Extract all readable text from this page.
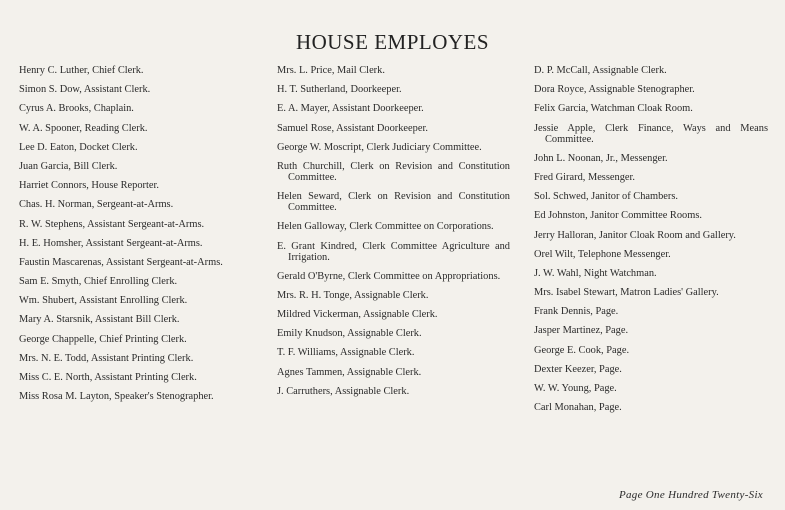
HOUSE EMPLOYES
Henry C. Luther, Chief Clerk.
Simon S. Dow, Assistant Clerk.
Cyrus A. Brooks, Chaplain.
W. A. Spooner, Reading Clerk.
Lee D. Eaton, Docket Clerk.
Juan Garcia, Bill Clerk.
Harriet Connors, House Reporter.
Chas. H. Norman, Sergeant-at-Arms.
R. W. Stephens, Assistant Sergeant-at-Arms.
H. E. Homsher, Assistant Sergeant-at-Arms.
Faustin Mascarenas, Assistant Sergeant-at-Arms.
Sam E. Smyth, Chief Enrolling Clerk.
Wm. Shubert, Assistant Enrolling Clerk.
Mary A. Starsnik, Assistant Bill Clerk.
George Chappelle, Chief Printing Clerk.
Mrs. N. E. Todd, Assistant Printing Clerk.
Miss C. E. North, Assistant Printing Clerk.
Miss Rosa M. Layton, Speaker's Stenographer.
Mrs. L. Price, Mail Clerk.
H. T. Sutherland, Doorkeeper.
E. A. Mayer, Assistant Doorkeeper.
Samuel Rose, Assistant Doorkeeper.
George W. Moscript, Clerk Judiciary Committee.
Ruth Churchill, Clerk on Revision and Constitution Committee.
Helen Seward, Clerk on Revision and Constitution Committee.
Helen Galloway, Clerk Committee on Corporations.
E. Grant Kindred, Clerk Committee Agriculture and Irrigation.
Gerald O'Byrne, Clerk Committee on Appropriations.
Mrs. R. H. Tonge, Assignable Clerk.
Mildred Vickerman, Assignable Clerk.
Emily Knudson, Assignable Clerk.
T. F. Williams, Assignable Clerk.
Agnes Tammen, Assignable Clerk.
J. Carruthers, Assignable Clerk.
D. P. McCall, Assignable Clerk.
Dora Royce, Assignable Stenographer.
Felix Garcia, Watchman Cloak Room.
Jessie Apple, Clerk Finance, Ways and Means Committee.
John L. Noonan, Jr., Messenger.
Fred Girard, Messenger.
Sol. Schwed, Janitor of Chambers.
Ed Johnston, Janitor Committee Rooms.
Jerry Halloran, Janitor Cloak Room and Gallery.
Orel Wilt, Telephone Messenger.
J. W. Wahl, Night Watchman.
Mrs. Isabel Stewart, Matron Ladies' Gallery.
Frank Dennis, Page.
Jasper Martinez, Page.
George E. Cook, Page.
Dexter Keezer, Page.
W. W. Young, Page.
Carl Monahan, Page.
Page One Hundred Twenty-Six
